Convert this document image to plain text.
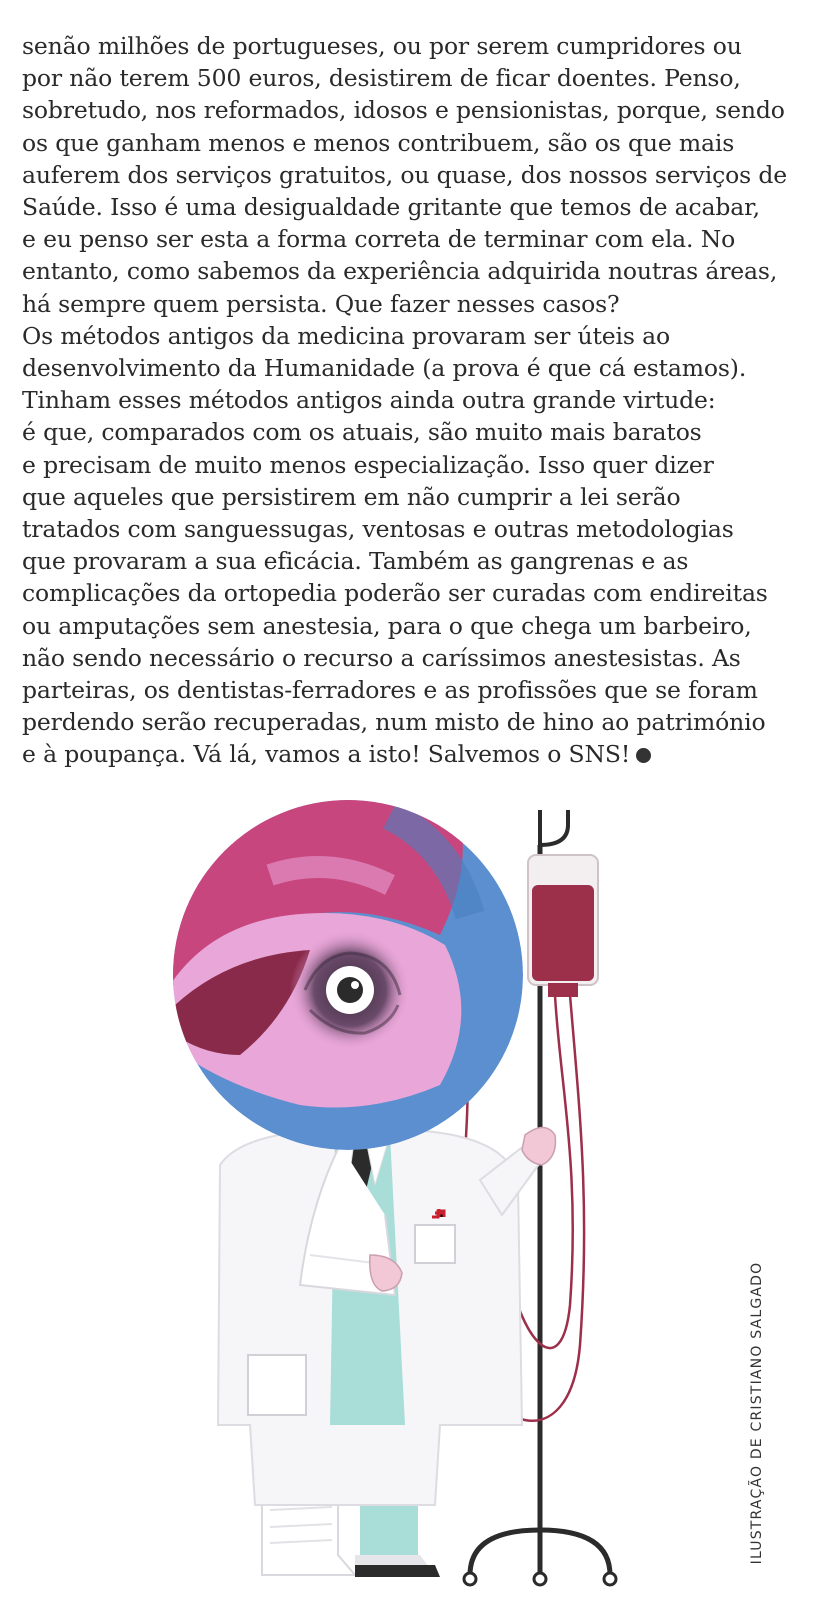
senão milhões de portugueses, ou por serem cumpridores ou
por não terem 500 euros, desistirem de ficar doentes. Penso,
sobretudo, nos reformados, idosos e pensionistas, porque, sendo
os que ganham menos e menos contribuem, são os que mais
auferem dos serviços gratuitos, ou quase, dos nossos serviços de
Saúde. Isso é uma desigualdade gritante que temos de acabar,
e eu penso ser esta a forma correta de terminar com ela. No
entanto, como sabemos da experiência adquirida noutras áreas,
há sempre quem persista. Que fazer nesses casos?
Os métodos antigos da medicina provaram ser úteis ao
desenvolvimento da Humanidade (a prova é que cá estamos).
Tinham esses métodos antigos ainda outra grande virtude:
é que, comparados com os atuais, são muito mais baratos
e precisam de muito menos especialização. Isso quer dizer
que aqueles que persistirem em não cumprir a lei serão
tratados com sanguessugas, ventosas e outras metodologias
que provaram a sua eficácia. Também as gangrenas e as
complicações da ortopedia poderão ser curadas com endireitas
ou amputações sem anestesia, para o que chega um barbeiro,
não sendo necessário o recurso a caríssimos anestesistas. As
parteiras, os dentistas-ferradores e as profissões que se foram
perdendo serão recuperadas, num misto de hino ao património
e à poupança. Vá lá, vamos a isto! Salvemos o SNS!
ILUSTRAÇÃO DE CRISTIANO SALGADO
